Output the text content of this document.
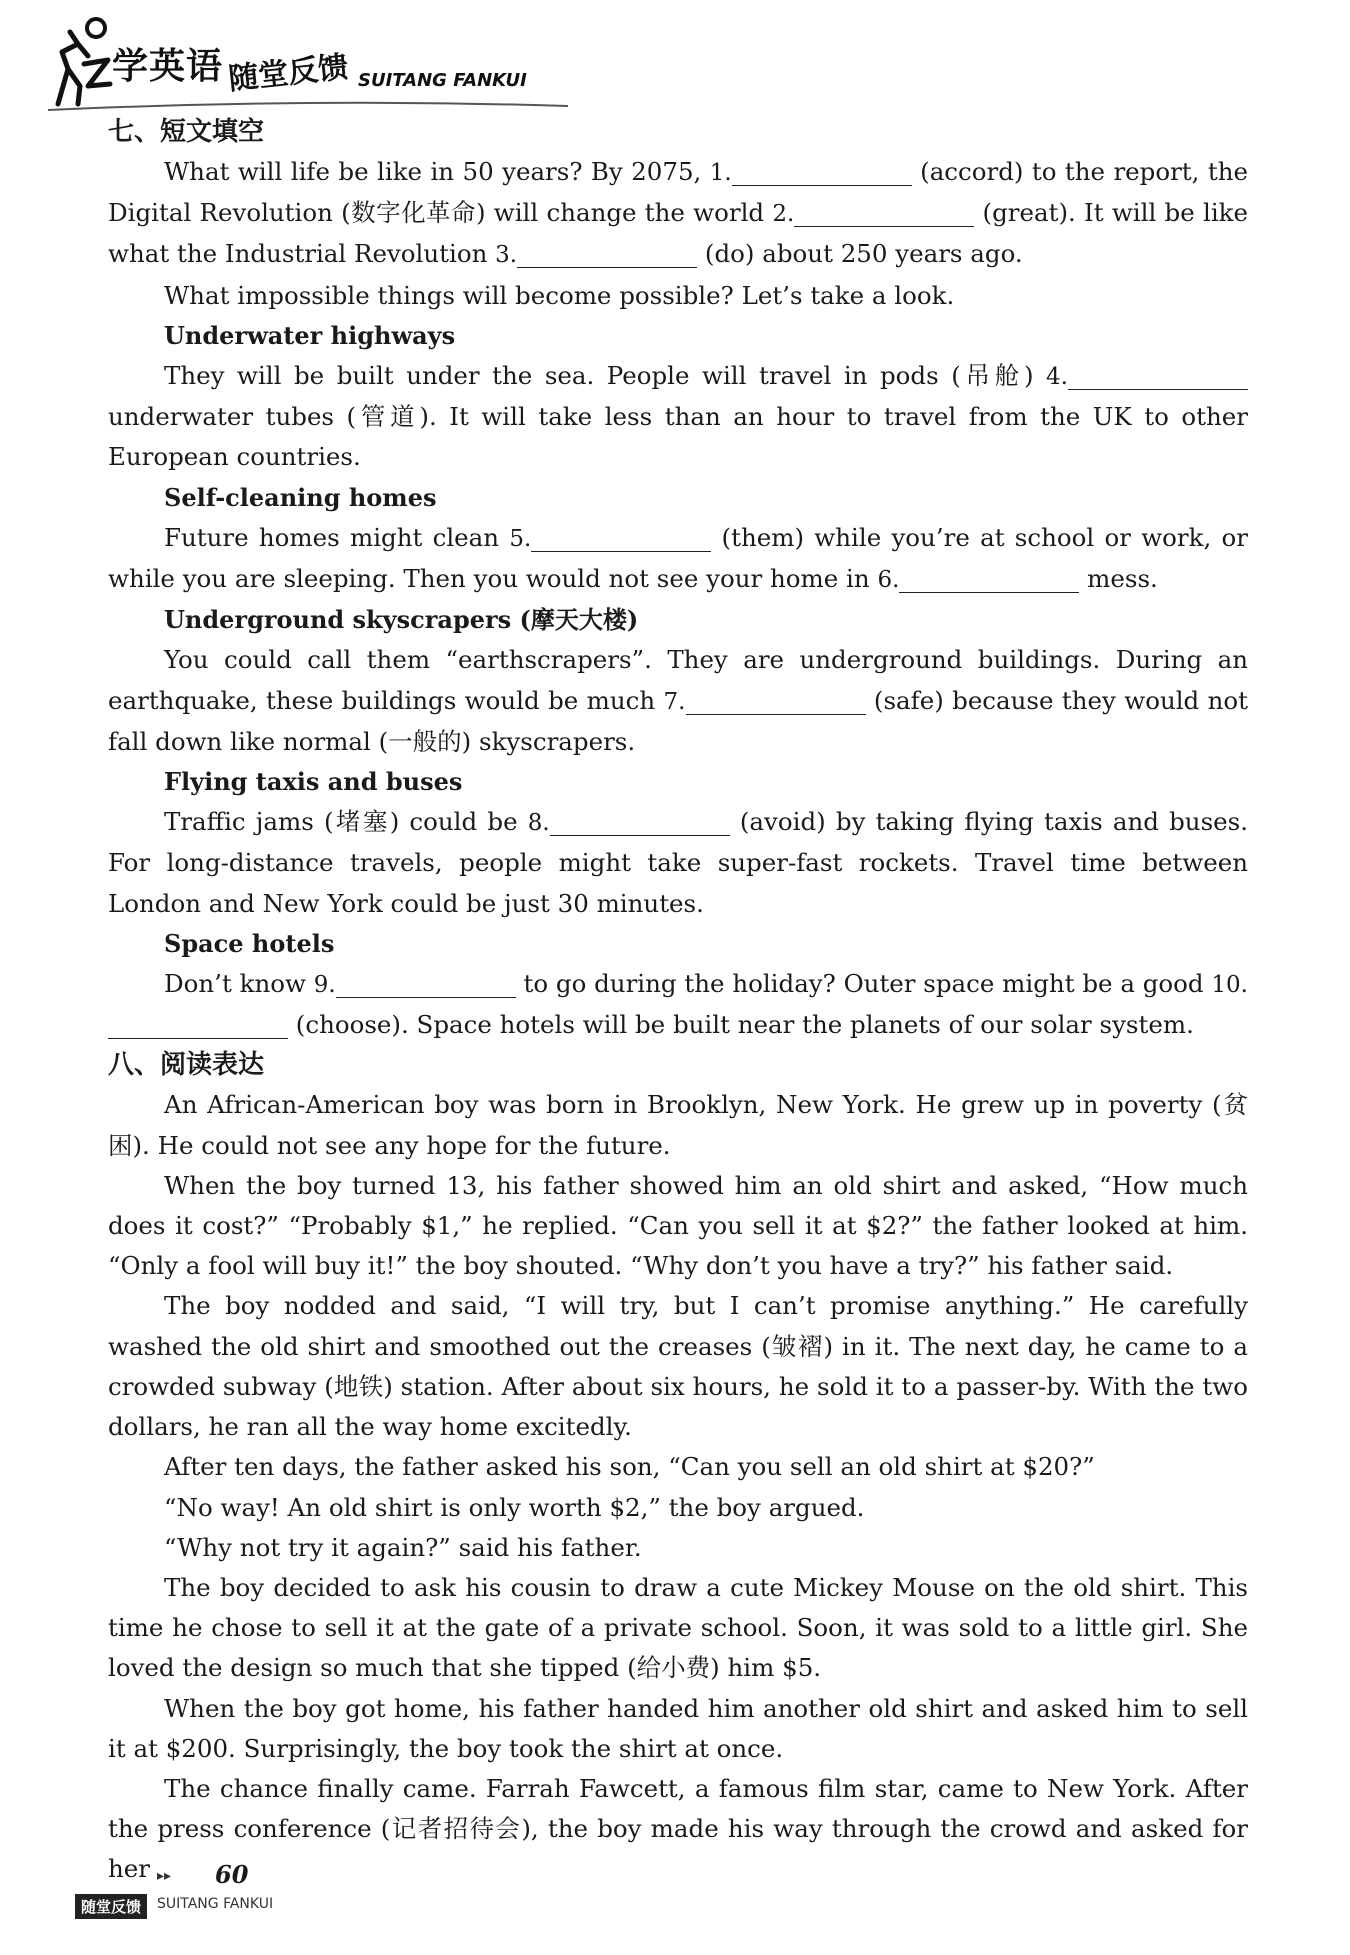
学英语 随堂反馈 SUITANG FANKUI
七、短文填空

What will life be like in 50 years? By 2075, 1.	(accord) to the report, the Digital Revolution (数字化革命) will change the world 2.	(great). It will be like what the Industrial Revolution 3.	(do) about 250 years ago.

What impossible things will become possible? Let’s take a look.

Underwater highways

They will be built under the sea. People will travel in pods (吊舱) 4. underwater tubes (管道). It will take less than an hour to travel from the UK to other European countries.

Self-cleaning homes

Future homes might clean 5.	(them) while you’re at school or work, or while you are sleeping. Then you would not see your home in 6.	mess.

Underground skyscrapers (摩天大楼)

You could call them “earthscrapers”. They are underground buildings. During an earthquake, these buildings would be much 7.	(safe) because they would not fall down like normal (一般的) skyscrapers.

Flying taxis and buses

Traffic jams (堵塞) could be 8.	(avoid) by taking flying taxis and buses. For long-distance travels, people might take super-fast rockets. Travel time between London and New York could be just 30 minutes.

Space hotels

Don’t know 9.	to go during the holiday? Outer space might be a good 10. (choose). Space hotels will be built near the planets of our solar system.

八、阅读表达

An African-American boy was born in Brooklyn, New York. He grew up in poverty (贫困). He could not see any hope for the future.

When the boy turned 13, his father showed him an old shirt and asked, “How much does it cost?” “Probably $1,” he replied. “Can you sell it at $2?” the father looked at him. “Only a fool will buy it!” the boy shouted. “Why don’t you have a try?” his father said.

The boy nodded and said, “I will try, but I can’t promise anything.” He carefully washed the old shirt and smoothed out the creases (皱褶) in it. The next day, he came to a crowded subway (地铁) station. After about six hours, he sold it to a passer-by. With the two dollars, he ran all the way home excitedly.

After ten days, the father asked his son, “Can you sell an old shirt at $20?”

“No way! An old shirt is only worth $2,” the boy argued.

“Why not try it again?” said his father.

The boy decided to ask his cousin to draw a cute Mickey Mouse on the old shirt. This time he chose to sell it at the gate of a private school. Soon, it was sold to a little girl. She loved the design so much that she tipped (给小费) him $5.

When the boy got home, his father handed him another old shirt and asked him to sell it at $200. Surprisingly, the boy took the shirt at once.

The chance finally came. Farrah Fawcett, a famous film star, came to New York. After the press conference (记者招待会), the boy made his way through the crowd and asked for her ▸▸ 60
随堂反馈	SUITANG FANKUI
